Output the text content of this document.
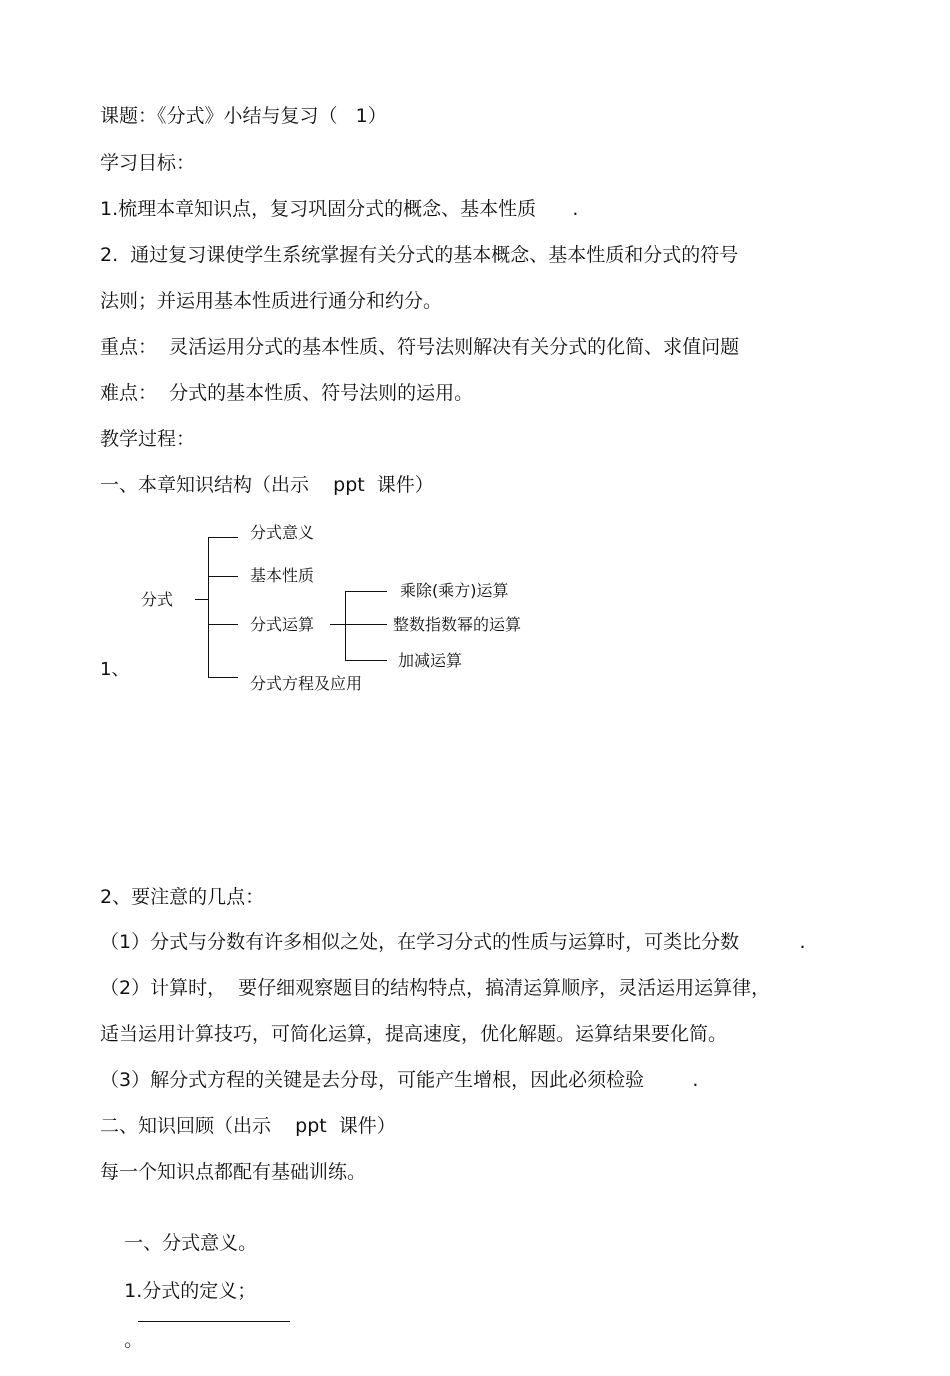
课题：《分式》小结与复习（   1）
学习目标：
1.梳理本章知识点，复习巩固分式的概念、基本性质      .
2.  通过复习课使学生系统掌握有关分式的基本概念、基本性质和分式的符号
法则；并运用基本性质进行通分和约分。
重点：  灵活运用分式的基本性质、符号法则解决有关分式的化简、求值问题
难点：  分式的基本性质、符号法则的运用。
教学过程：
一、本章知识结构（出示    ppt  课件）
1、
分式
分式意义
基本性质
分式运算
分式方程及应用
乘除(乘方)运算
整数指数幂的运算
加减运算
2、要注意的几点：
（1）分式与分数有许多相似之处，在学习分式的性质与运算时，可类比分数          .
（2）计算时，  要仔细观察题目的结构特点，搞清运算顺序，灵活运用运算律，
适当运用计算技巧，可简化运算，提高速度，优化解题。运算结果要化简。
（3）解分式方程的关键是去分母，可能产生增根，因此必须检验        .
二、知识回顾（出示    ppt  课件）
每一个知识点都配有基础训练。

一、分式意义。

1.分式的定义；

。
